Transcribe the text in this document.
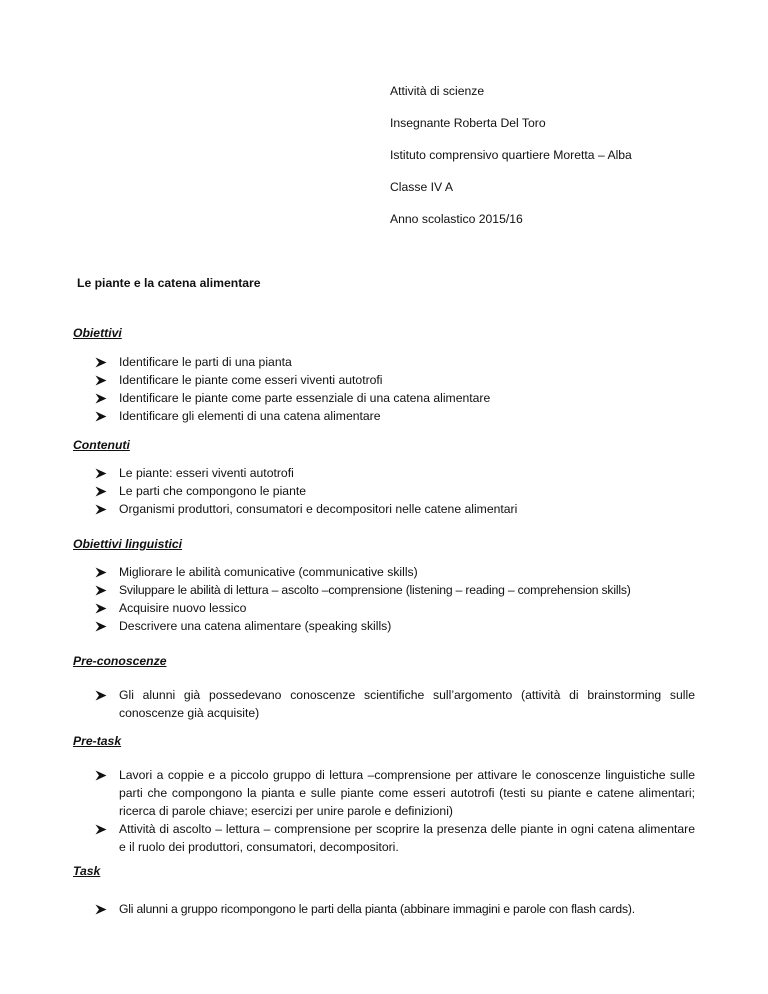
Attività di scienze
Insegnante Roberta Del Toro
Istituto comprensivo quartiere Moretta – Alba
Classe IV A
Anno scolastico 2015/16
Le piante e la catena alimentare
Obiettivi
Identificare le parti di una pianta
Identificare le piante come esseri viventi autotrofi
Identificare le piante come parte essenziale di una catena alimentare
Identificare gli elementi di una catena alimentare
Contenuti
Le piante: esseri viventi autotrofi
Le parti che compongono le piante
Organismi produttori, consumatori e decompositori nelle catene alimentari
Obiettivi linguistici
Migliorare le abilità comunicative (communicative skills)
Sviluppare le abilità di lettura – ascolto –comprensione (listening – reading – comprehension skills)
Acquisire nuovo lessico
Descrivere una catena alimentare (speaking skills)
Pre-conoscenze
Gli alunni già possedevano conoscenze scientifiche sull’argomento (attività di brainstorming sulle conoscenze già acquisite)
Pre-task
Lavori a coppie e a piccolo gruppo di lettura –comprensione per attivare le conoscenze linguistiche sulle parti che compongono la pianta e sulle piante come esseri autotrofi (testi su piante e catene alimentari; ricerca di parole chiave; esercizi per unire parole e definizioni)
Attività di ascolto – lettura – comprensione per scoprire la presenza delle piante in ogni catena alimentare e il ruolo dei produttori, consumatori, decompositori.
Task
Gli alunni a gruppo ricompongono le parti della pianta (abbinare immagini e parole con flash cards).
